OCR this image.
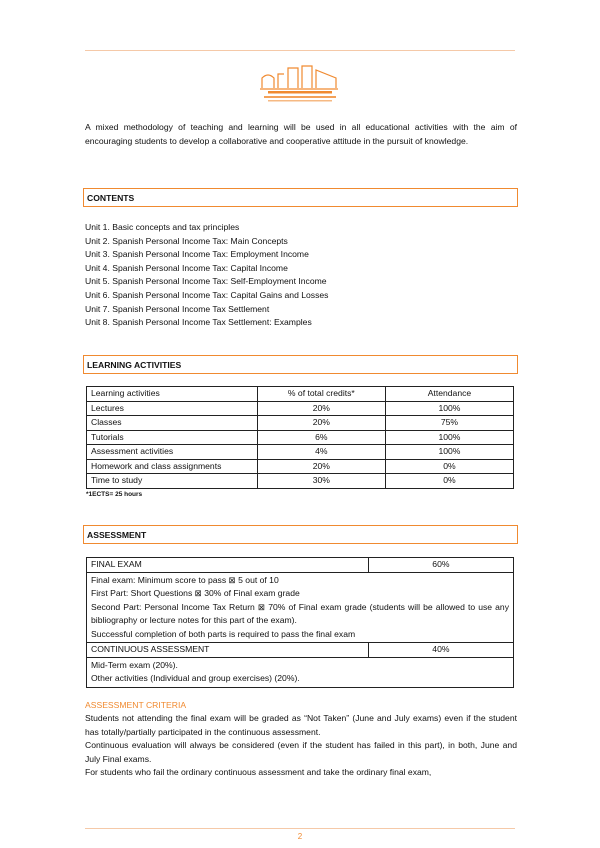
A mixed methodology of teaching and learning will be used in all educational activities with the aim of encouraging students to develop a collaborative and cooperative attitude in the pursuit of knowledge.
CONTENTS
Unit 1. Basic concepts and tax principles
Unit 2. Spanish Personal Income Tax: Main Concepts
Unit 3. Spanish Personal Income Tax: Employment Income
Unit 4. Spanish Personal Income Tax: Capital Income
Unit 5. Spanish Personal Income Tax: Self-Employment Income
Unit 6. Spanish Personal Income Tax: Capital Gains and Losses
Unit 7. Spanish Personal Income Tax Settlement
Unit 8. Spanish Personal Income Tax Settlement: Examples
LEARNING ACTIVITIES
Learning activities	% of total credits*	Attendance
Lectures	20%	100%
Classes	20%	75%
Tutorials	6%	100%
Assessment activities	4%	100%
Homework and class assignments	20%	0%
Time to study	30%	0%
*1ECTS= 25 hours
ASSESSMENT
FINAL EXAM	60%

Final exam: Minimum score to pass ⊠ 5 out of 10
First Part: Short Questions ⊠ 30% of Final exam grade
Second Part: Personal Income Tax Return ⊠ 70% of Final exam grade (students will be allowed to use any bibliography or lecture notes for this part of the exam).
Successful completion of both parts is required to pass the final exam	

CONTINUOUS ASSESSMENT	40%

Mid-Term exam (20%).
Other activities (Individual and group exercises) (20%).	
ASSESSMENT CRITERIA
Students not attending the final exam will be graded as “Not Taken” (June and July exams) even if the student has totally/partially participated in the continuous assessment.
Continuous evaluation will always be considered (even if the student has failed in this part), in both, June and July Final exams.
For students who fail the ordinary continuous assessment and take the ordinary final exam,
2
